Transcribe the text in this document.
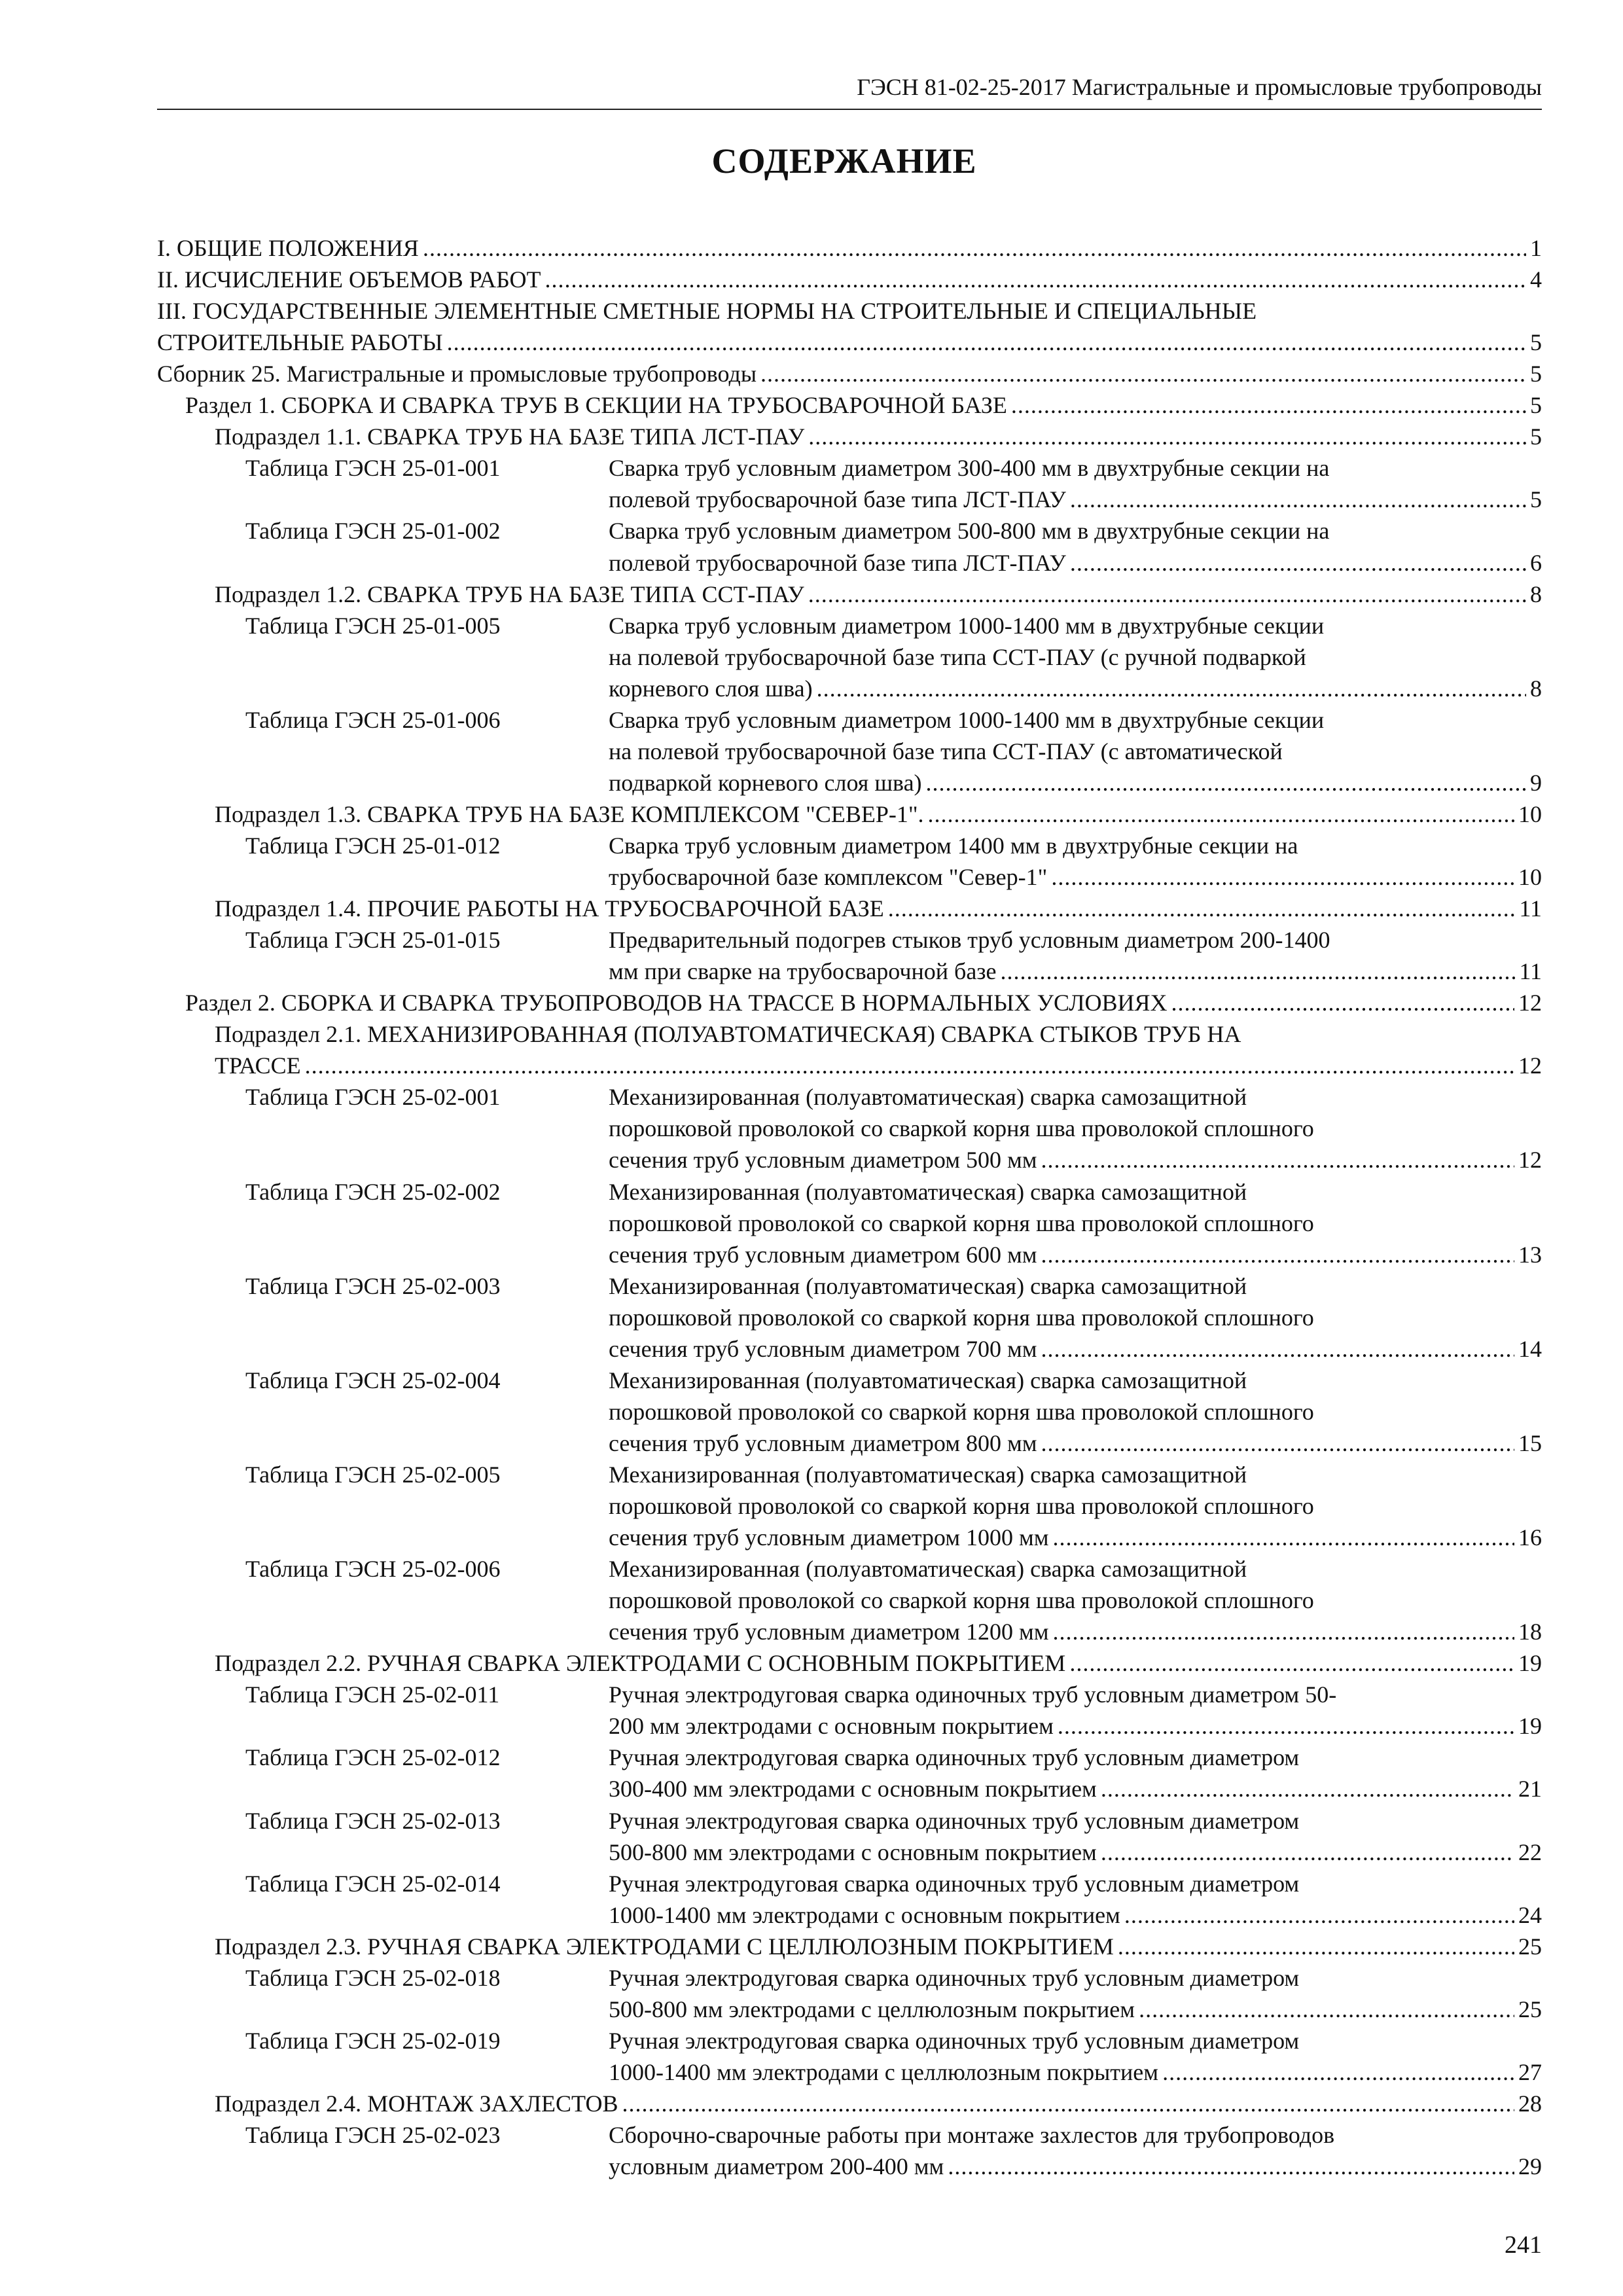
ГЭСН 81-02-25-2017 Магистральные и промысловые трубопроводы
СОДЕРЖАНИЕ
I. ОБЩИЕ ПОЛОЖЕНИЯ .....	1
II. ИСЧИСЛЕНИЕ ОБЪЕМОВ РАБОТ .....	4
III. ГОСУДАРСТВЕННЫЕ ЭЛЕМЕНТНЫЕ СМЕТНЫЕ НОРМЫ НА СТРОИТЕЛЬНЫЕ И СПЕЦИАЛЬНЫЕ
СТРОИТЕЛЬНЫЕ РАБОТЫ .....	5
Сборник 25. Магистральные и промысловые трубопроводы .....	5
Раздел 1. СБОРКА И СВАРКА ТРУБ В СЕКЦИИ НА ТРУБОСВАРОЧНОЙ БАЗЕ .....	5
Подраздел 1.1. СВАРКА ТРУБ НА БАЗЕ ТИПА ЛСТ-ПАУ .....	5
Таблица ГЭСН 25-01-001	Сварка труб условным диаметром 300-400 мм в двухтрубные секции на
полевой трубосварочной базе типа ЛСТ-ПАУ .....	5
Таблица ГЭСН 25-01-002	Сварка труб условным диаметром 500-800 мм в двухтрубные секции на
полевой трубосварочной базе типа ЛСТ-ПАУ .....	6
Подраздел 1.2. СВАРКА ТРУБ НА БАЗЕ ТИПА ССТ-ПАУ .....	8
Таблица ГЭСН 25-01-005	Сварка труб условным диаметром 1000-1400 мм в двухтрубные секции
на полевой трубосварочной базе типа ССТ-ПАУ (с ручной подваркой
корневого слоя шва) .....	8
Таблица ГЭСН 25-01-006	Сварка труб условным диаметром 1000-1400 мм в двухтрубные секции
на полевой трубосварочной базе типа ССТ-ПАУ (с автоматической
подваркой корневого слоя шва) .....	9
Подраздел 1.3. СВАРКА ТРУБ НА БАЗЕ КОМПЛЕКСОМ "СЕВЕР-1". .....	10
Таблица ГЭСН 25-01-012	Сварка труб условным диаметром 1400 мм в двухтрубные секции на
трубосварочной базе комплексом "Север-1" .....	10
Подраздел 1.4. ПРОЧИЕ РАБОТЫ НА ТРУБОСВАРОЧНОЙ БАЗЕ .....	11
Таблица ГЭСН 25-01-015	Предварительный подогрев стыков труб условным диаметром 200-1400
мм при сварке на трубосварочной базе .....	11
Раздел 2. СБОРКА И СВАРКА ТРУБОПРОВОДОВ НА ТРАССЕ В НОРМАЛЬНЫХ УСЛОВИЯХ .....	12
Подраздел 2.1. МЕХАНИЗИРОВАННАЯ (ПОЛУАВТОМАТИЧЕСКАЯ) СВАРКА СТЫКОВ ТРУБ НА
ТРАССЕ .....	12
Таблица ГЭСН 25-02-001	Механизированная (полуавтоматическая) сварка самозащитной
порошковой проволокой со сваркой корня шва проволокой сплошного
сечения труб условным диаметром 500 мм .....	12
Таблица ГЭСН 25-02-002	Механизированная (полуавтоматическая) сварка самозащитной
порошковой проволокой со сваркой корня шва проволокой сплошного
сечения труб условным диаметром 600 мм .....	13
Таблица ГЭСН 25-02-003	Механизированная (полуавтоматическая) сварка самозащитной
порошковой проволокой со сваркой корня шва проволокой сплошного
сечения труб условным диаметром 700 мм .....	14
Таблица ГЭСН 25-02-004	Механизированная (полуавтоматическая) сварка самозащитной
порошковой проволокой со сваркой корня шва проволокой сплошного
сечения труб условным диаметром 800 мм .....	15
Таблица ГЭСН 25-02-005	Механизированная (полуавтоматическая) сварка самозащитной
порошковой проволокой со сваркой корня шва проволокой сплошного
сечения труб условным диаметром 1000 мм .....	16
Таблица ГЭСН 25-02-006	Механизированная (полуавтоматическая) сварка самозащитной
порошковой проволокой со сваркой корня шва проволокой сплошного
сечения труб условным диаметром 1200 мм .....	18
Подраздел 2.2. РУЧНАЯ СВАРКА ЭЛЕКТРОДАМИ С ОСНОВНЫМ ПОКРЫТИЕМ .....	19
Таблица ГЭСН 25-02-011	Ручная электродуговая сварка одиночных труб условным диаметром 50-
200 мм электродами с основным покрытием .....	19
Таблица ГЭСН 25-02-012	Ручная электродуговая сварка одиночных труб условным диаметром
300-400 мм электродами с основным покрытием .....	21
Таблица ГЭСН 25-02-013	Ручная электродуговая сварка одиночных труб условным диаметром
500-800 мм электродами с основным покрытием .....	22
Таблица ГЭСН 25-02-014	Ручная электродуговая сварка одиночных труб условным диаметром
1000-1400 мм электродами с основным покрытием .....	24
Подраздел 2.3. РУЧНАЯ СВАРКА ЭЛЕКТРОДАМИ С ЦЕЛЛЮЛОЗНЫМ ПОКРЫТИЕМ .....	25
Таблица ГЭСН 25-02-018	Ручная электродуговая сварка одиночных труб условным диаметром
500-800 мм электродами с целлюлозным покрытием .....	25
Таблица ГЭСН 25-02-019	Ручная электродуговая сварка одиночных труб условным диаметром
1000-1400 мм электродами с целлюлозным покрытием .....	27
Подраздел 2.4. МОНТАЖ ЗАХЛЕСТОВ .....	28
Таблица ГЭСН 25-02-023	Сборочно-сварочные работы при монтаже захлестов для трубопроводов
условным диаметром 200-400 мм .....	29
241
